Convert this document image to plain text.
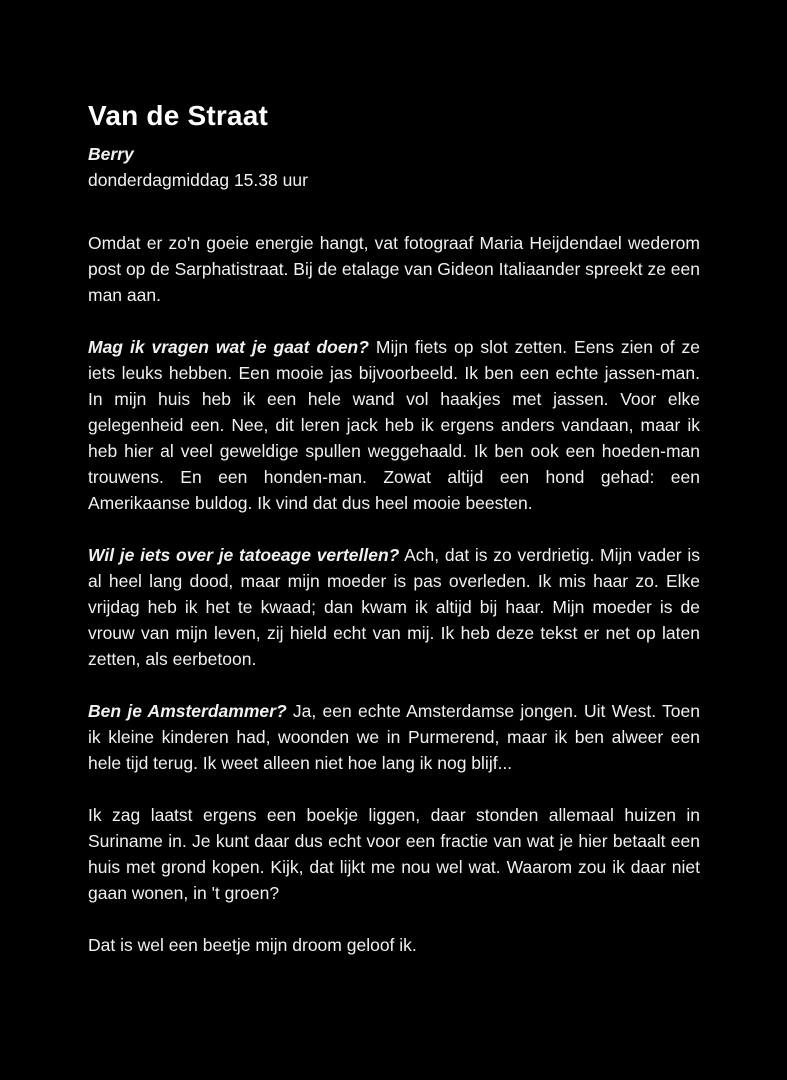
Van de Straat

Berry

donderdagmiddag 15.38 uur

Omdat er zo'n goeie energie hangt, vat fotograaf Maria Heijdendael wederom post op de Sarphatistraat. Bij de etalage van Gideon Italiaander spreekt ze een man aan.

Mag ik vragen wat je gaat doen? Mijn fiets op slot zetten. Eens zien of ze iets leuks hebben. Een mooie jas bijvoorbeeld. Ik ben een echte jassen-man. In mijn huis heb ik een hele wand vol haakjes met jassen. Voor elke gelegenheid een. Nee, dit leren jack heb ik ergens anders vandaan, maar ik heb hier al veel geweldige spullen weggehaald. Ik ben ook een hoeden-man trouwens. En een honden-man. Zowat altijd een hond gehad: een Amerikaanse buldog. Ik vind dat dus heel mooie beesten.

Wil je iets over je tatoeage vertellen? Ach, dat is zo verdrietig. Mijn vader is al heel lang dood, maar mijn moeder is pas overleden. Ik mis haar zo. Elke vrijdag heb ik het te kwaad; dan kwam ik altijd bij haar. Mijn moeder is de vrouw van mijn leven, zij hield echt van mij. Ik heb deze tekst er net op laten zetten, als eerbetoon.

Ben je Amsterdammer? Ja, een echte Amsterdamse jongen. Uit West. Toen ik kleine kinderen had, woonden we in Purmerend, maar ik ben alweer een hele tijd terug. Ik weet alleen niet hoe lang ik nog blijf...

Ik zag laatst ergens een boekje liggen, daar stonden allemaal huizen in Suriname in. Je kunt daar dus echt voor een fractie van wat je hier betaalt een huis met grond kopen. Kijk, dat lijkt me nou wel wat. Waarom zou ik daar niet gaan wonen, in 't groen?

Dat is wel een beetje mijn droom geloof ik.
